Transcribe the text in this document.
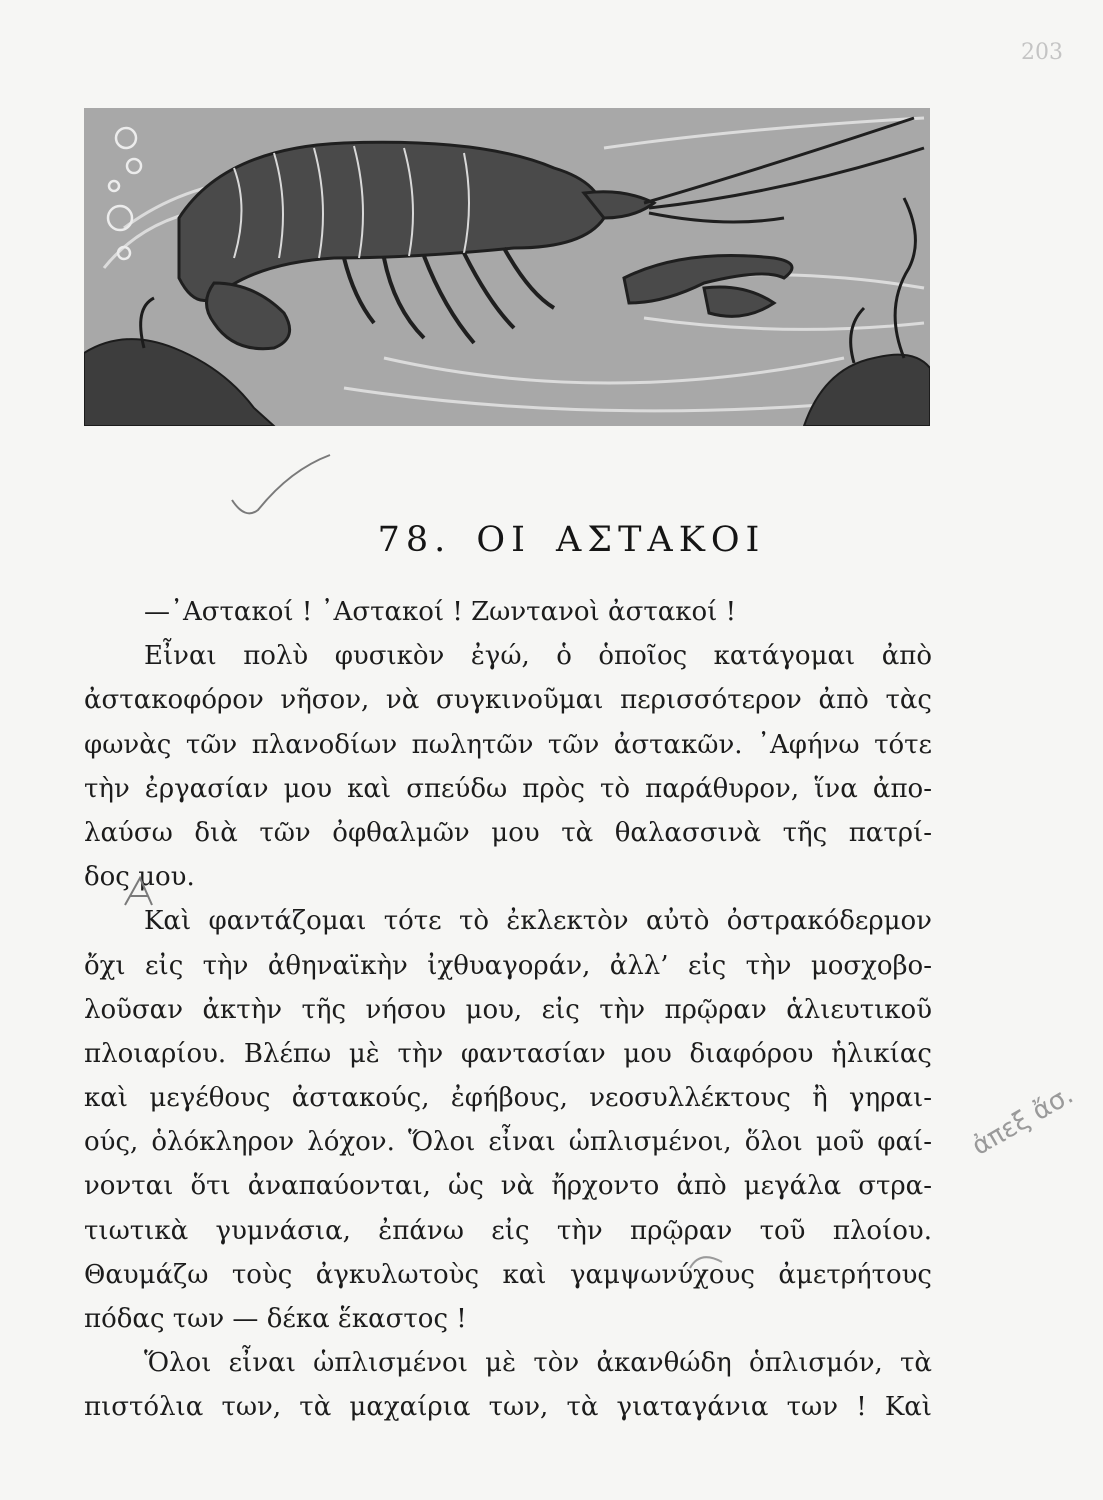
203
78. ΟΙ ΑΣΤΑΚΟΙ
—᾿Αστακοί ! ᾿Αστακοί ! Ζωντανοὶ ἀστακοί !
Εἶναι πολὺ φυσικὸν ἐγώ, ὁ ὁποῖος κατάγομαι ἀπὸ
ἀστακοφόρον νῆσον, νὰ συγκινοῦμαι περισσότερον ἀπὸ τὰς
φωνὰς τῶν πλανοδίων πωλητῶν τῶν ἀστακῶν. ᾿Αφήνω τότε
τὴν ἐργασίαν μου καὶ σπεύδω πρὸς τὸ παράθυρον, ἵνα ἀπο-
λαύσω διὰ τῶν ὀφθαλμῶν μου τὰ θαλασσινὰ τῆς πατρί-
δος μου.
Καὶ φαντάζομαι τότε τὸ ἐκλεκτὸν αὐτὸ ὀστρακόδερμον
ὄχι εἰς τὴν ἀθηναϊκὴν ἰχθυαγοράν, ἀλλ’ εἰς τὴν μοσχοβο-
λοῦσαν ἀκτὴν τῆς νήσου μου, εἰς τὴν πρῷραν ἁλιευτικοῦ
πλοιαρίου. Βλέπω μὲ τὴν φαντασίαν μου διαφόρου ἡλικίας
καὶ μεγέθους ἀστακούς, ἐφήβους, νεοσυλλέκτους ἢ γηραι-
ούς, ὁλόκληρον λόχον. Ὅλοι εἶναι ὡπλισμένοι, ὅλοι μοῦ φαί-
νονται ὅτι ἀναπαύονται, ὡς νὰ ἤρχοντο ἀπὸ μεγάλα στρα-
τιωτικὰ γυμνάσια, ἐπάνω εἰς τὴν πρῷραν τοῦ πλοίου.
Θαυμάζω τοὺς ἀγκυλωτοὺς καὶ γαμψωνύχους ἀμετρήτους
πόδας των — δέκα ἕκαστος !
Ὅλοι εἶναι ὡπλισμένοι μὲ τὸν ἀκανθώδη ὁπλισμόν, τὰ
πιστόλια των, τὰ μαχαίρια των, τὰ γιαταγάνια των ! Καὶ
ἀπεξ ἄσ.
